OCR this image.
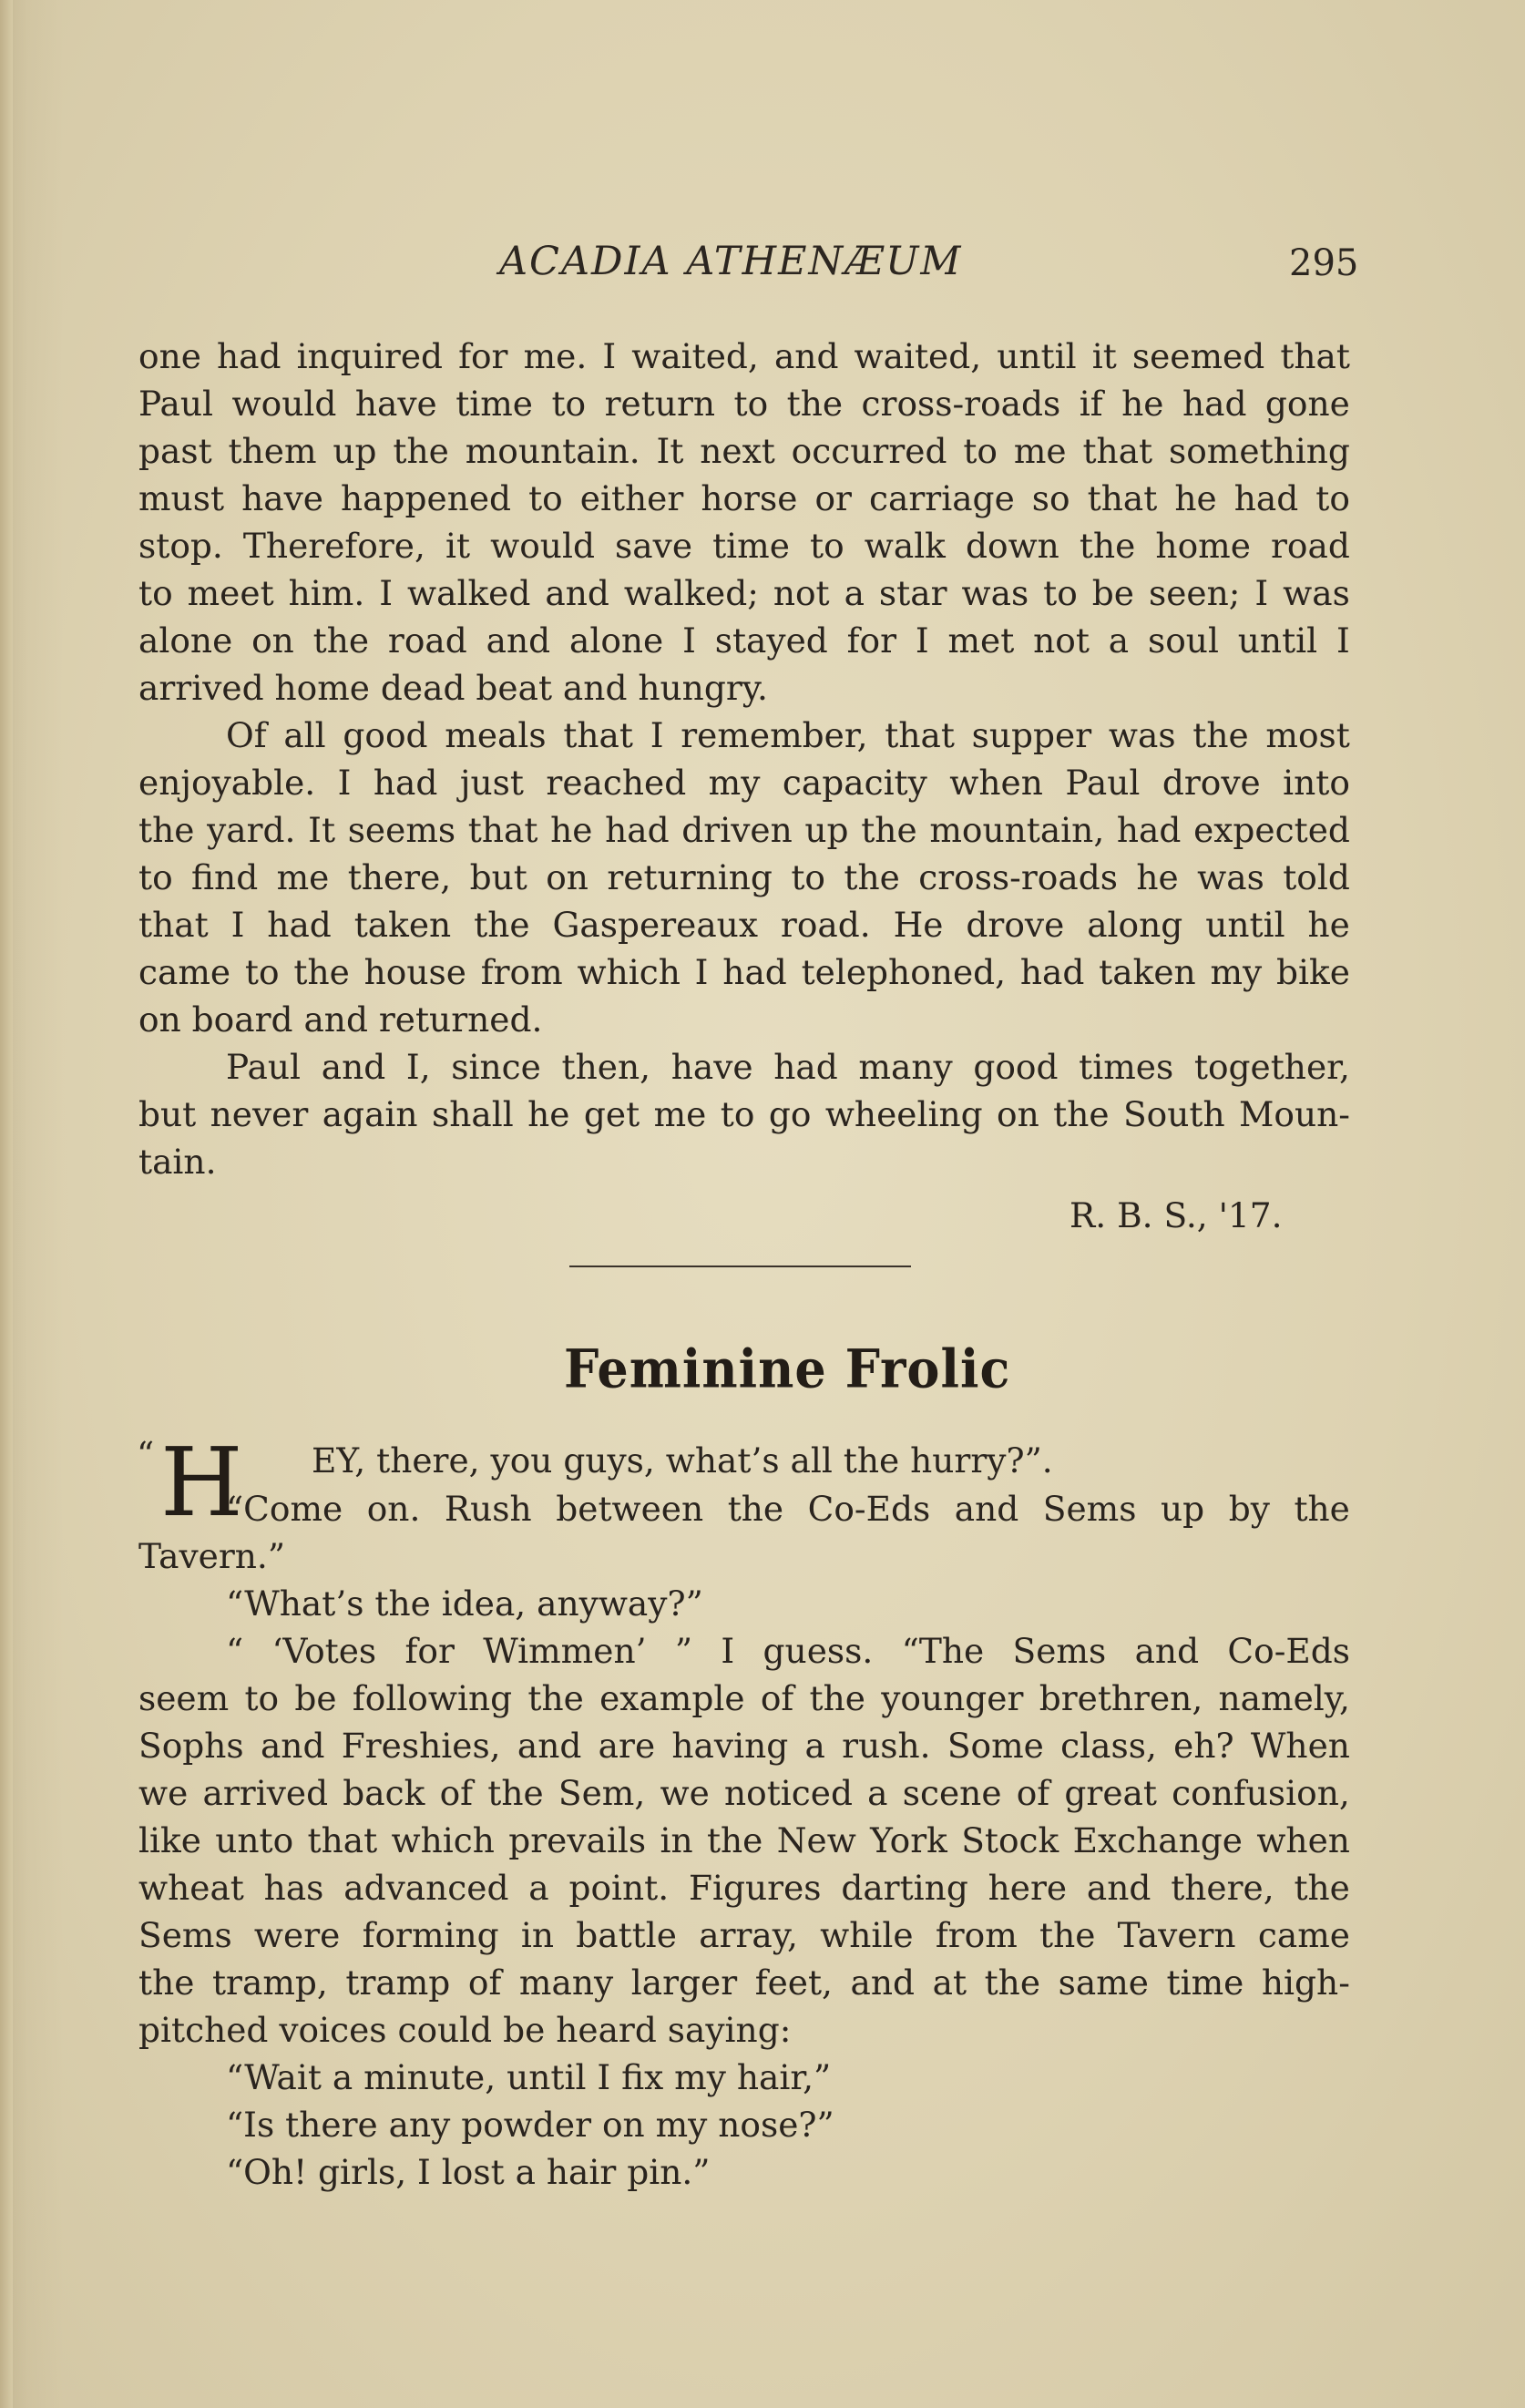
ACADIA ATHENÆUM	295
one had inquired for me. I waited, and waited, until it seemed that
Paul would have time to return to the cross-roads if he had gone
past them up the mountain. It next occurred to me that something
must have happened to either horse or carriage so that he had to
stop. Therefore, it would save time to walk down the home road
to meet him. I walked and walked; not a star was to be seen; I was
alone on the road and alone I stayed for I met not a soul until I
arrived home dead beat and hungry.
Of all good meals that I remember, that supper was the most
enjoyable. I had just reached my capacity when Paul drove into
the yard. It seems that he had driven up the mountain, had expected
to find me there, but on returning to the cross-roads he was told
that I had taken the Gaspereaux road. He drove along until he
came to the house from which I had telephoned, had taken my bike
on board and returned.
Paul and I, since then, have had many good times together,
but never again shall he get me to go wheeling on the South Moun-
tain.
R. B. S., '17.
Feminine Frolic
“ H EY, there, you guys, what’s all the hurry?”.
“Come on. Rush between the Co-Eds and Sems up by the
Tavern.”
“What’s the idea, anyway?”
“ ‘Votes for Wimmen’ ” I guess. “The Sems and Co-Eds
seem to be following the example of the younger brethren, namely,
Sophs and Freshies, and are having a rush. Some class, eh? When
we arrived back of the Sem, we noticed a scene of great confusion,
like unto that which prevails in the New York Stock Exchange when
wheat has advanced a point. Figures darting here and there, the
Sems were forming in battle array, while from the Tavern came
the tramp, tramp of many larger feet, and at the same time high-
pitched voices could be heard saying:
“Wait a minute, until I fix my hair,”
“Is there any powder on my nose?”
“Oh! girls, I lost a hair pin.”
